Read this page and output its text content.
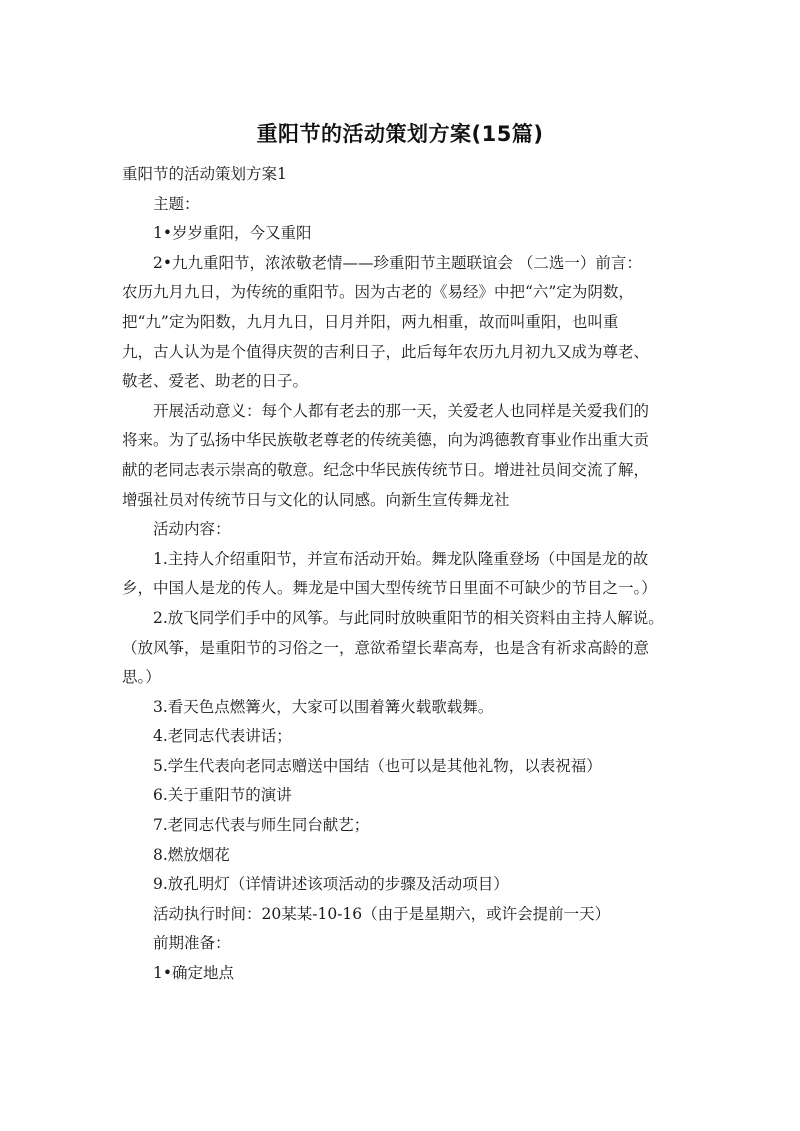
重阳节的活动策划方案(15篇)
重阳节的活动策划方案1
主题：
1•岁岁重阳，今又重阳
2•九九重阳节，浓浓敬老情——珍重阳节主题联谊会 （二选一）前言：
农历九月九日，为传统的重阳节。因为古老的《易经》中把“六”定为阴数，
把“九”定为阳数，九月九日，日月并阳，两九相重，故而叫重阳，也叫重
九，古人认为是个值得庆贺的吉利日子，此后每年农历九月初九又成为尊老、
敬老、爱老、助老的日子。
开展活动意义：每个人都有老去的那一天，关爱老人也同样是关爱我们的
将来。为了弘扬中华民族敬老尊老的传统美德，向为鸿德教育事业作出重大贡
献的老同志表示崇高的敬意。纪念中华民族传统节日。增进社员间交流了解，
增强社员对传统节日与文化的认同感。向新生宣传舞龙社
活动内容：
1.主持人介绍重阳节，并宣布活动开始。舞龙队隆重登场（中国是龙的故
乡，中国人是龙的传人。舞龙是中国大型传统节日里面不可缺少的节目之一。）
2.放飞同学们手中的风筝。与此同时放映重阳节的相关资料由主持人解说。
（放风筝，是重阳节的习俗之一，意欲希望长辈高寿，也是含有祈求高龄的意
思。）
3.看天色点燃篝火，大家可以围着篝火载歌载舞。
4.老同志代表讲话；
5.学生代表向老同志赠送中国结（也可以是其他礼物，以表祝福）
6.关于重阳节的演讲
7.老同志代表与师生同台献艺；
8.燃放烟花
9.放孔明灯（详情讲述该项活动的步骤及活动项目）
活动执行时间：20某某-10-16（由于是星期六，或许会提前一天）
前期准备：
1•确定地点
